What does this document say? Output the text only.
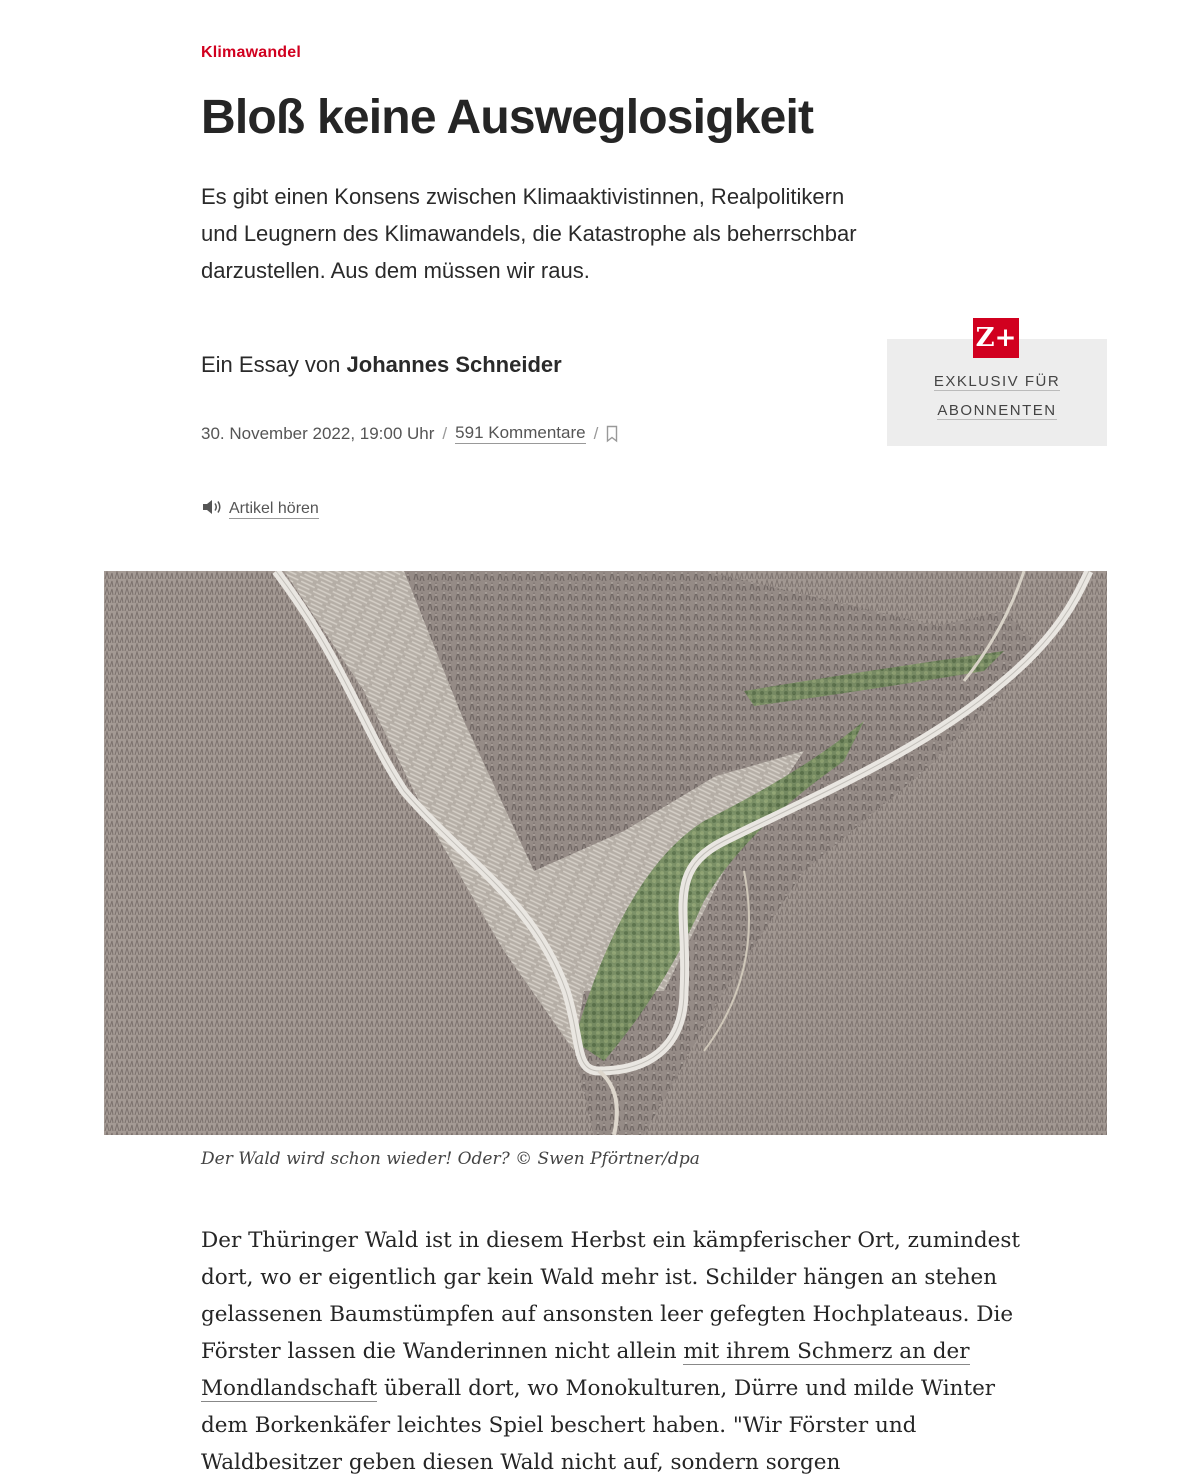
Klimawandel
Bloß keine Ausweglosigkeit

Es gibt einen Konsens zwischen Klimaaktivistinnen, Realpolitikern und Leugnern des Klimawandels, die Katastrophe als beherrschbar darzustellen. Aus dem müssen wir raus.

Ein Essay von Johannes Schneider
30. November 2022, 19:00 Uhr / 591 Kommentare /
Z+
EXKLUSIV FÜR
ABONNENTEN
Artikel hören
Der Wald wird schon wieder! Oder? © Swen Pförtner/dpa

Der Thüringer Wald ist in diesem Herbst ein kämpferischer Ort, zumindest dort, wo er eigentlich gar kein Wald mehr ist. Schilder hängen an stehen gelassenen Baumstümpfen auf ansonsten leer gefegten Hochplateaus. Die Förster lassen die Wanderinnen nicht allein mit ihrem Schmerz an der Mondlandschaft überall dort, wo Monokulturen, Dürre und milde Winter dem Borkenkäfer leichtes Spiel beschert haben. "Wir Förster und Waldbesitzer geben diesen Wald nicht auf, sondern sorgen
